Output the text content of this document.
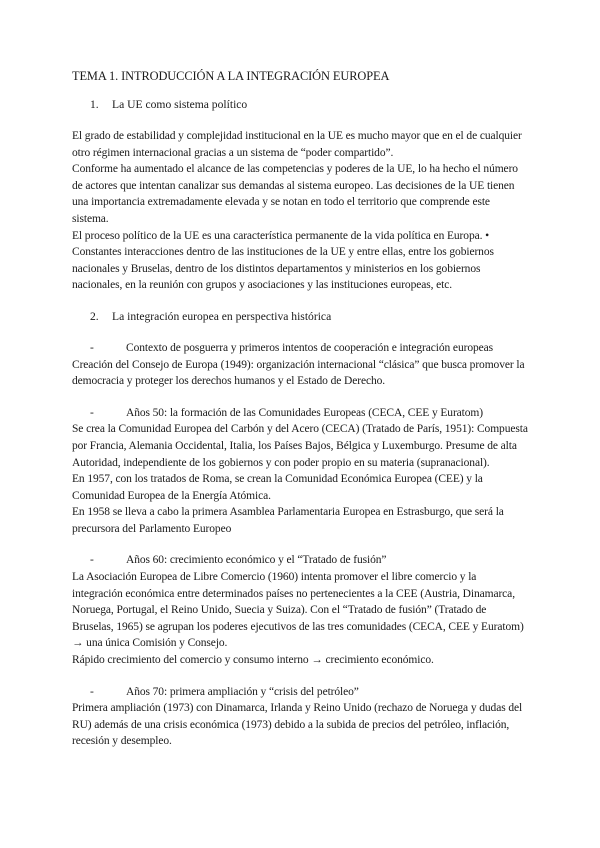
TEMA 1. INTRODUCCIÓN A LA INTEGRACIÓN EUROPEA
1.	La UE como sistema político

El grado de estabilidad y complejidad institucional en la UE es mucho mayor que en el de cualquier otro régimen internacional gracias a un sistema de “poder compartido”.

Conforme ha aumentado el alcance de las competencias y poderes de la UE, lo ha hecho el número de actores que intentan canalizar sus demandas al sistema europeo. Las decisiones de la UE tienen una importancia extremadamente elevada y se notan en todo el territorio que comprende este sistema.

El proceso político de la UE es una característica permanente de la vida política en Europa. • Constantes interacciones dentro de las instituciones de la UE y entre ellas, entre los gobiernos nacionales y Bruselas, dentro de los distintos departamentos y ministerios en los gobiernos nacionales, en la reunión con grupos y asociaciones y las instituciones europeas, etc.

2.	La integración europea en perspectiva histórica
-	Contexto de posguerra y primeros intentos de cooperación e integración europeas

Creación del Consejo de Europa (1949): organización internacional “clásica” que busca promover la democracia y proteger los derechos humanos y el Estado de Derecho.

-	Años 50: la formación de las Comunidades Europeas (CECA, CEE y Euratom)

Se crea la Comunidad Europea del Carbón y del Acero (CECA) (Tratado de París, 1951): Compuesta por Francia, Alemania Occidental, Italia, los Países Bajos, Bélgica y Luxemburgo. Presume de alta Autoridad, independiente de los gobiernos y con poder propio en su materia (supranacional).

En 1957, con los tratados de Roma, se crean la Comunidad Económica Europea (CEE) y la Comunidad Europea de la Energía Atómica.

En 1958 se lleva a cabo la primera Asamblea Parlamentaria Europea en Estrasburgo, que será la precursora del Parlamento Europeo

-	Años 60: crecimiento económico y el “Tratado de fusión”

La Asociación Europea de Libre Comercio (1960) intenta promover el libre comercio y la integración económica entre determinados países no pertenecientes a la CEE (Austria, Dinamarca, Noruega, Portugal, el Reino Unido, Suecia y Suiza). Con el “Tratado de fusión” (Tratado de Bruselas, 1965) se agrupan los poderes ejecutivos de las tres comunidades (CECA, CEE y Euratom) → una única Comisión y Consejo.

Rápido crecimiento del comercio y consumo interno → crecimiento económico.

-	Años 70: primera ampliación y “crisis del petróleo”

Primera ampliación (1973) con Dinamarca, Irlanda y Reino Unido (rechazo de Noruega y dudas del RU) además de una crisis económica (1973) debido a la subida de precios del petróleo, inflación, recesión y desempleo.
